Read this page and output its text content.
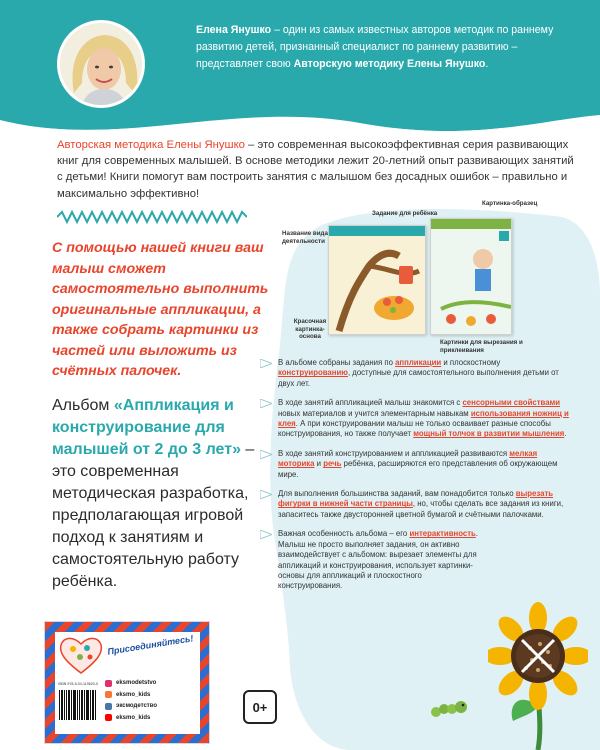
Елена Янушко – один из самых известных авторов методик по раннему развитию детей, признанный специалист по раннему развитию – представляет свою Авторскую методику Елены Янушко.
Авторская методика Елены Янушко – это современная высокоэффективная серия развивающих книг для современных малышей. В основе методики лежит 20-летний опыт развивающих занятий с детьми! Книги помогут вам построить занятия с малышом без досадных ошибок – правильно и максимально эффективно!
С помощью нашей книги ваш малыш сможет самостоятельно выполнить оригинальные аппликации, а также собрать картинки из частей или выложить из счётных палочек.
Альбом «Аппликация и конструирование для малышей от 2 до 3 лет» – это современная методическая разработка, предполагающая игровой подход к занятиям и самостоятельную работу ребёнка.
Задание для ребёнка
Картинка-образец
Название вида деятельности
Красочная картинка-основа
Картинки для вырезания и приклеивания
В альбоме собраны задания по аппликации и плоскостному конструированию, доступные для самостоятельного выполнения детьми от двух лет.
В ходе занятий аппликацией малыш знакомится с сенсорными свойствами новых материалов и учится элементарным навыкам использования ножниц и клея. А при конструировании малыш не только осваивает разные способы конструирования, но также получает мощный толчок в развитии мышления.
В ходе занятий конструированием и аппликацией развиваются мелкая моторика и речь ребёнка, расширяются его представления об окружающем мире.
Для выполнения большинства заданий, вам понадобится только вырезать фигурки в нижней части страницы, но, чтобы сделать все задания из книги, запаситесь также двусторонней цветной бумагой и счётными палочками.
Важная особенность альбома – его интерактивность. Малыш не просто выполняет задания, он активно взаимодействует с альбомом: вырезает элементы для аппликаций и конструирования, использует картинки-основы для аппликаций и плоскостного конструирования.
Присоединяйтесь!
ISBN 978-5-04-119620-0	eksmodetstvo
eksmo_kids
эксмодетство
eksmo_kids
0+
